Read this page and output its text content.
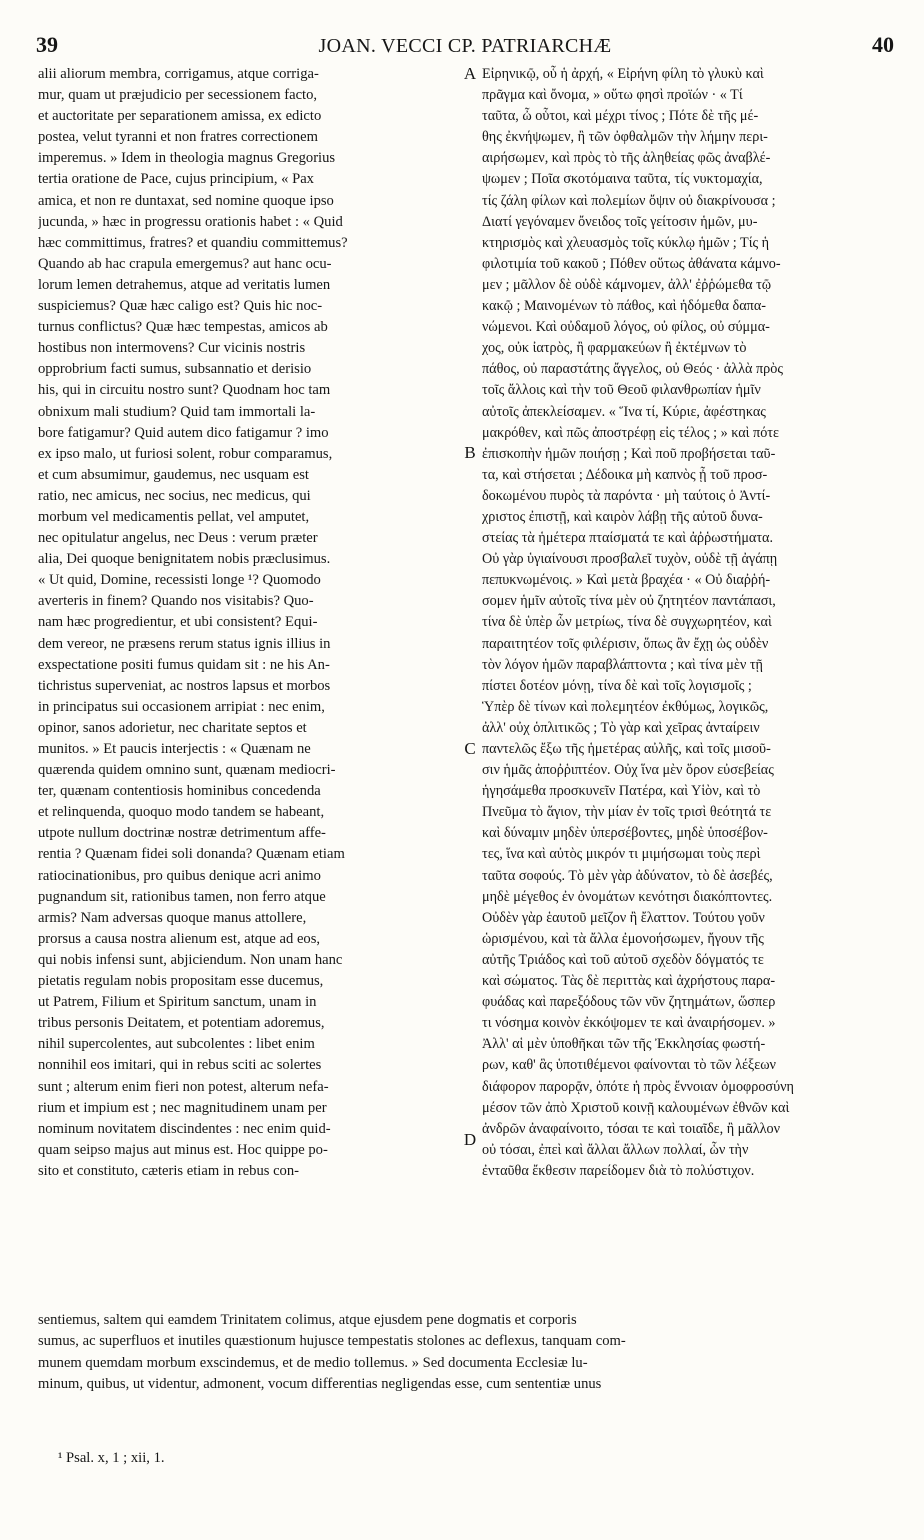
39	JOAN. VECCI CP. PATRIARCHÆ	40
alii aliorum membra, corrigamus, atque corriga-
mur, quam ut præjudicio per secessionem facto,
et auctoritate per separationem amissa, ex edicto
postea, velut tyranni et non fratres correctionem
imperemus. » Idem in theologia magnus Gregorius
tertia oratione de Pace, cujus principium, « Pax
amica, et non re duntaxat, sed nomine quoque ipso
jucunda, » hæc in progressu orationis habet : « Quid
hæc committimus, fratres? et quandiu committemus?
Quando ab hac crapula emergemus? aut hanc ocu-
lorum lemen detrahemus, atque ad veritatis lumen
suspiciemus? Quæ hæc caligo est? Quis hic noc-
turnus conflictus? Quæ hæc tempestas, amicos ab
hostibus non intermovens? Cur vicinis nostris
opprobrium facti sumus, subsannatio et derisio
his, qui in circuitu nostro sunt? Quodnam hoc tam
obnixum mali studium? Quid tam immortali la-
bore fatigamur? Quid autem dico fatigamur ? imo
ex ipso malo, ut furiosi solent, robur comparamus,
et cum absumimur, gaudemus, nec usquam est
ratio, nec amicus, nec socius, nec medicus, qui
morbum vel medicamentis pellat, vel amputet,
nec opitulatur angelus, nec Deus : verum præter
alia, Dei quoque benignitatem nobis præclusimus.
« Ut quid, Domine, recessisti longe ¹? Quomodo
averteris in finem? Quando nos visitabis? Quo-
nam hæc progredientur, et ubi consistent? Equi-
dem vereor, ne præsens rerum status ignis illius in
exspectatione positi fumus quidam sit : ne his An-
tichristus superveniat, ac nostros lapsus et morbos
in principatus sui occasionem arripiat : nec enim,
opinor, sanos adorietur, nec charitate septos et
munitos. » Et paucis interjectis : « Quænam ne
quærenda quidem omnino sunt, quænam mediocri-
ter, quænam contentiosis hominibus concedenda
et relinquenda, quoquo modo tandem se habeant,
utpote nullum doctrinæ nostræ detrimentum affe-
rentia ? Quænam fidei soli donanda? Quænam etiam
ratiocinationibus, pro quibus denique acri animo
pugnandum sit, rationibus tamen, non ferro atque
armis? Nam adversas quoque manus attollere,
prorsus a causa nostra alienum est, atque ad eos,
qui nobis infensi sunt, abjiciendum. Non unam hanc
pietatis regulam nobis propositam esse ducemus,
ut Patrem, Filium et Spiritum sanctum, unam in
tribus personis Deitatem, et potentiam adoremus,
nihil supercolentes, aut subcolentes : libet enim
nonnihil eos imitari, qui in rebus sciti ac solertes
sunt ; alterum enim fieri non potest, alterum nefa-
rium et impium est ; nec magnitudinem unam per
nominum novitatem discindentes : nec enim quid-
quam seipso majus aut minus est. Hoc quippe po-
sito et constituto, cæteris etiam in rebus con-
Εἰρηνικῷ, οὗ ἡ ἀρχή, « Εἰρήνη φίλη τὸ γλυκὺ καὶ
πρᾶγμα καὶ ὄνομα, » οὕτω φησὶ προϊών · « Τί
ταῦτα, ὦ οὗτοι, καὶ μέχρι τίνος ; Πότε δὲ τῆς μέ-
θης ἐκνήψωμεν, ἢ τῶν ὀφθαλμῶν τὴν λήμην περι-
αιρήσωμεν, καὶ πρὸς τὸ τῆς ἀληθείας φῶς ἀναβλέ-
ψωμεν ; Ποῖα σκοτόμαινα ταῦτα, τίς νυκτομαχία,
τίς ζάλη φίλων καὶ πολεμίων ὄψιν οὐ διακρίνουσα ;
Διατί γεγόναμεν ὄνειδος τοῖς γείτοσιν ἡμῶν, μυ-
κτηρισμὸς καὶ χλευασμὸς τοῖς κύκλῳ ἡμῶν ; Τίς ἡ
φιλοτιμία τοῦ κακοῦ ; Πόθεν οὕτως ἀθάνατα κάμνο-
μεν ; μᾶλλον δὲ οὐδὲ κάμνομεν, ἀλλ' ἐῤῥώμεθα τῷ
κακῷ ; Μαινομένων τὸ πάθος, καὶ ἡδόμεθα δαπα-
νώμενοι. Καὶ οὐδαμοῦ λόγος, οὐ φίλος, οὐ σύμμα-
χος, οὐκ ἰατρὸς, ἢ φαρμακεύων ἢ ἐκτέμνων τὸ
πάθος, οὐ παραστάτης ἄγγελος, οὐ Θεός · ἀλλὰ πρὸς
τοῖς ἄλλοις καὶ τὴν τοῦ Θεοῦ φιλανθρωπίαν ἡμῖν
αὐτοῖς ἀπεκλείσαμεν. « Ἵνα τί, Κύριε, ἀφέστηκας
μακρόθεν, καὶ πῶς ἀποστρέφῃ εἰς τέλος ; » καὶ πότε
ἐπισκοπὴν ἡμῶν ποιήσῃ ; Καὶ ποῦ προβήσεται ταῦ-
τα, καὶ στήσεται ; Δέδοικα μὴ καπνὸς ᾖ τοῦ προσ-
δοκωμένου πυρὸς τὰ παρόντα · μὴ ταύτοις ὁ Ἀντί-
χριστος ἐπιστῇ, καὶ καιρὸν λάβῃ τῆς αὐτοῦ δυνα-
στείας τὰ ἡμέτερα πταίσματά τε καὶ ἀῤῥωστήματα.
Οὐ γὰρ ὑγιαίνουσι προσβαλεῖ τυχὸν, οὐδὲ τῇ ἀγάπῃ
πεπυκνωμένοις. » Καὶ μετὰ βραχέα · « Οὐ διαῤῥή-
σομεν ἡμῖν αὐτοῖς τίνα μὲν οὐ ζητητέον παντάπασι,
τίνα δὲ ὑπὲρ ὧν μετρίως, τίνα δὲ συγχωρητέον, καὶ
παραιτητέον τοῖς φιλέρισιν, ὅπως ἂν ἔχῃ ὡς οὐδὲν
τὸν λόγον ἡμῶν παραβλάπτοντα ; καὶ τίνα μὲν τῇ
πίστει δοτέον μόνῃ, τίνα δὲ καὶ τοῖς λογισμοῖς ;
Ὑπὲρ δὲ τίνων καὶ πολεμητέον ἐκθύμως, λογικῶς,
ἀλλ' οὐχ ὁπλιτικῶς ; Τὸ γὰρ καὶ χεῖρας ἀνταίρειν
παντελῶς ἔξω τῆς ἡμετέρας αὐλῆς, καὶ τοῖς μισοῦ-
σιν ἡμᾶς ἀποῤῥιπτέον. Οὐχ ἵνα μὲν ὅρον εὐσεβείας
ἡγησάμεθα προσκυνεῖν Πατέρα, καὶ Υἱὸν, καὶ τὸ
Πνεῦμα τὸ ἅγιον, τὴν μίαν ἐν τοῖς τρισὶ θεότητά τε
καὶ δύναμιν μηδὲν ὑπερσέβοντες, μηδὲ ὑποσέβον-
τες, ἵνα καὶ αὐτὸς μικρόν τι μιμήσωμαι τοὺς περὶ
ταῦτα σοφούς. Τὸ μὲν γὰρ ἀδύνατον, τὸ δὲ ἀσεβές,
μηδὲ μέγεθος ἐν ὀνομάτων κενότησι διακόπτοντες.
Οὐδὲν γὰρ ἑαυτοῦ μεῖζον ἢ ἔλαττον. Τούτου γοῦν
ὡρισμένου, καὶ τὰ ἄλλα ἐμονοήσωμεν, ἤγουν τῆς
αὐτῆς Τριάδος καὶ τοῦ αὐτοῦ σχεδὸν δόγματός τε
καὶ σώματος. Τὰς δὲ περιττὰς καὶ ἀχρήστους παρα-
φυάδας καὶ παρεξόδους τῶν νῦν ζητημάτων, ὥσπερ
τι νόσημα κοινὸν ἐκκόψομεν τε καὶ ἀναιρήσομεν. »
Ἀλλ' αἱ μὲν ὑποθῆκαι τῶν τῆς Ἐκκλησίας φωστή-
ρων, καθ' ἃς ὑποτιθέμενοι φαίνονται τὸ τῶν λέξεων
διάφορον παρορᾷν, ὁπότε ἡ πρὸς ἔννοιαν ὁμοφροσύνη
μέσον τῶν ἀπὸ Χριστοῦ κοινῇ καλουμένων ἐθνῶν καὶ
ἀνδρῶν ἀναφαίνοιτο, τόσαι τε καὶ τοιαῖδε, ἢ μᾶλλον
οὐ τόσαι, ἐπεὶ καὶ ἄλλαι ἄλλων πολλαί, ὧν τὴν
ἐνταῦθα ἔκθεσιν παρείδομεν διὰ τὸ πολύστιχον.
A
B
C
D
sentiemus, saltem qui eamdem Trinitatem colimus, atque ejusdem pene dogmatis et corporis
sumus, ac superfluos et inutiles quæstionum hujusce tempestatis stolones ac deflexus, tanquam com-
munem quemdam morbum exscindemus, et de medio tollemus. » Sed documenta Ecclesiæ lu-
minum, quibus, ut videntur, admonent, vocum differentias negligendas esse, cum sententiæ unus
¹ Psal. x, 1 ; xii, 1.
